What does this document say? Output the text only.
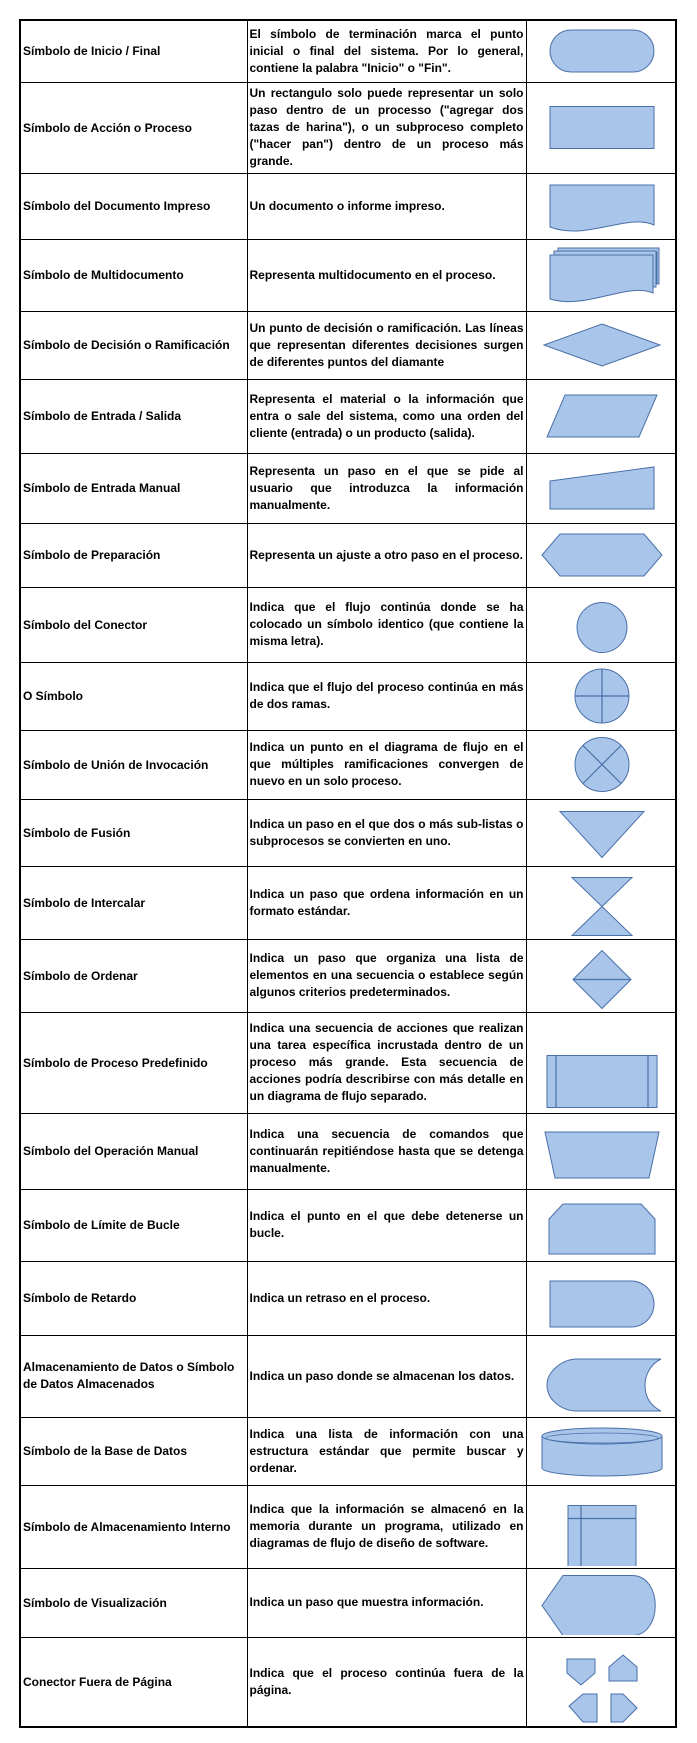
Símbolo de Inicio / Final	El símbolo de terminación marca el punto inicial o final del sistema. Por lo general, contiene la palabra "Inicio" o "Fin".	

Símbolo de Acción o Proceso	Un rectangulo solo puede representar un solo paso dentro de un processo ("agregar dos tazas de harina"), o un subproceso completo ("hacer pan") dentro de un proceso más grande.	

Símbolo del Documento Impreso	Un documento o informe impreso.	

Símbolo de Multidocumento	Representa multidocumento en el proceso.	

Símbolo de Decisión o Ramificación	Un punto de decisión o ramificación. Las líneas que representan diferentes decisiones surgen de diferentes puntos del diamante	

Símbolo de Entrada / Salida	Representa el material o la información que entra o sale del sistema, como una orden del cliente (entrada) o un producto (salida).	

Símbolo de Entrada Manual	Representa un paso en el que se pide al usuario que introduzca la información manualmente.	

Símbolo de Preparación	Representa un ajuste a otro paso en el proceso.	

Símbolo del Conector	Indica que el flujo continúa donde se ha colocado un símbolo identico (que contiene la misma letra).	

O Símbolo	Indica que el flujo del proceso continúa en más de dos ramas.	

Símbolo de Unión de Invocación	Indica un punto en el diagrama de flujo en el que múltiples ramificaciones convergen de nuevo en un solo proceso.	

Símbolo de Fusión	Indica un paso en el que dos o más sub-listas o subprocesos se convierten en uno.	

Símbolo de Intercalar	Indica un paso que ordena información en un formato estándar.	

Símbolo de Ordenar	Indica un paso que organiza una lista de elementos en una secuencia o establece según algunos criterios predeterminados.	

Símbolo de Proceso Predefinido	Indica una secuencia de acciones que realizan una tarea específica incrustada dentro de un proceso más grande. Esta secuencia de acciones podría describirse con más detalle en un diagrama de flujo separado.	

Símbolo del Operación Manual	Indica una secuencia de comandos que continuarán repitiéndose hasta que se detenga manualmente.	

Símbolo de Límite de Bucle	Indica el punto en el que debe detenerse un bucle.	

Símbolo de Retardo	Indica un retraso en el proceso.	

Almacenamiento de Datos o Símbolo de Datos Almacenados	Indica un paso donde se almacenan los datos.	

Símbolo de la Base de Datos	Indica una lista de información con una estructura estándar que permite buscar y ordenar.	

Símbolo de Almacenamiento Interno	Indica que la información se almacenó en la memoria durante un programa, utilizado en diagramas de flujo de diseño de software.	

Símbolo de Visualización	Indica un paso que muestra información.	

Conector Fuera de Página	Indica que el proceso continúa fuera de la página.	
